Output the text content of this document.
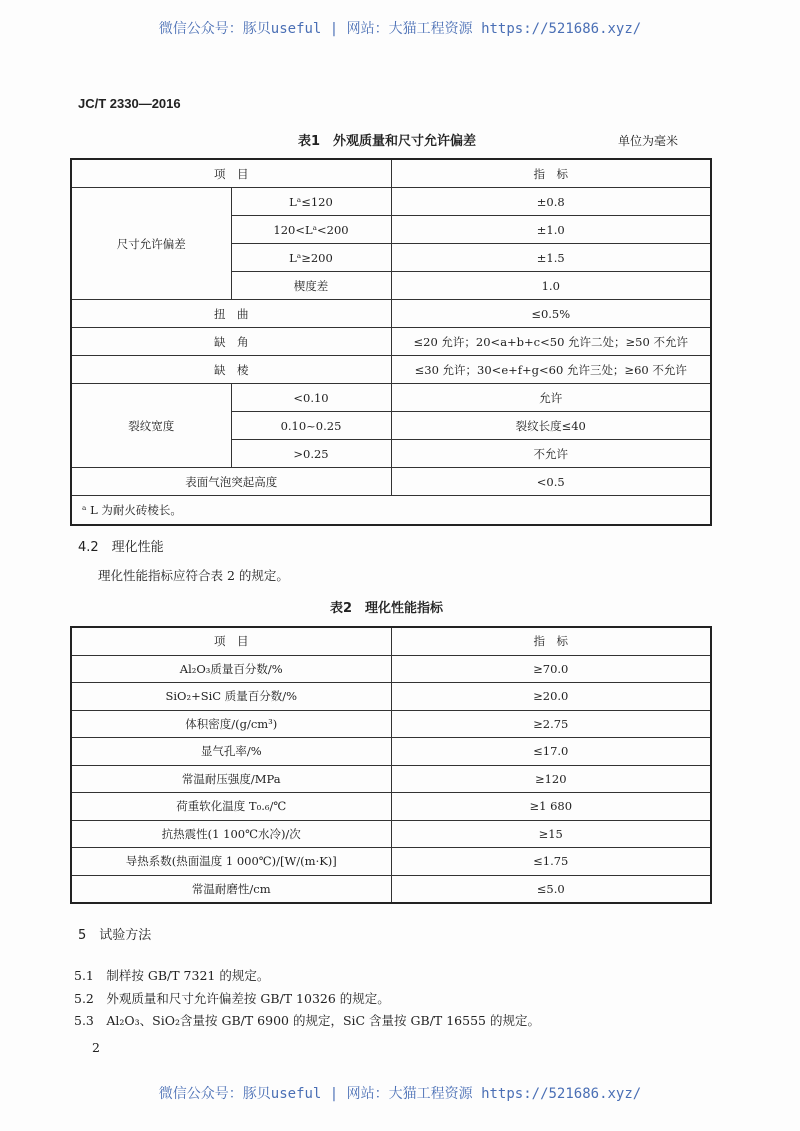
微信公众号：豚贝useful | 网站：大猫工程资源 https://521686.xyz/
JC/T 2330—2016
表1　外观质量和尺寸允许偏差	单位为毫米
项　目		指　标
尺寸允许偏差	Lᵃ≤120	±0.8
	120<Lᵃ<200	±1.0
	Lᵃ≥200	±1.5
	楔度差	1.0
扭　曲		≤0.5%
缺　角		≤20 允许；20<a+b+c<50 允许二处；≥50 不允许
缺　棱		≤30 允许；30<e+f+g<60 允许三处；≥60 不允许
裂纹宽度	<0.10	允许
	0.10~0.25	裂纹长度≤40
	>0.25	不允许
表面气泡突起高度		<0.5
ᵃ L 为耐火砖棱长。		
4.2　理化性能
理化性能指标应符合表 2 的规定。
表2　理化性能指标
项　目	指　标
Al₂O₃质量百分数/%	≥70.0
SiO₂+SiC 质量百分数/%	≥20.0
体积密度/(g/cm³)	≥2.75
显气孔率/%	≤17.0
常温耐压强度/MPa	≥120
荷重软化温度 T₀.₆/℃	≥1 680
抗热震性(1 100℃水冷)/次	≥15
导热系数(热面温度 1 000℃)/[W/(m·K)]	≤1.75
常温耐磨性/cm	≤5.0
5　试验方法
5.1　制样按 GB/T 7321 的规定。
5.2　外观质量和尺寸允许偏差按 GB/T 10326 的规定。
5.3　Al₂O₃、SiO₂含量按 GB/T 6900 的规定，SiC 含量按 GB/T 16555 的规定。
2
微信公众号：豚贝useful | 网站：大猫工程资源 https://521686.xyz/
